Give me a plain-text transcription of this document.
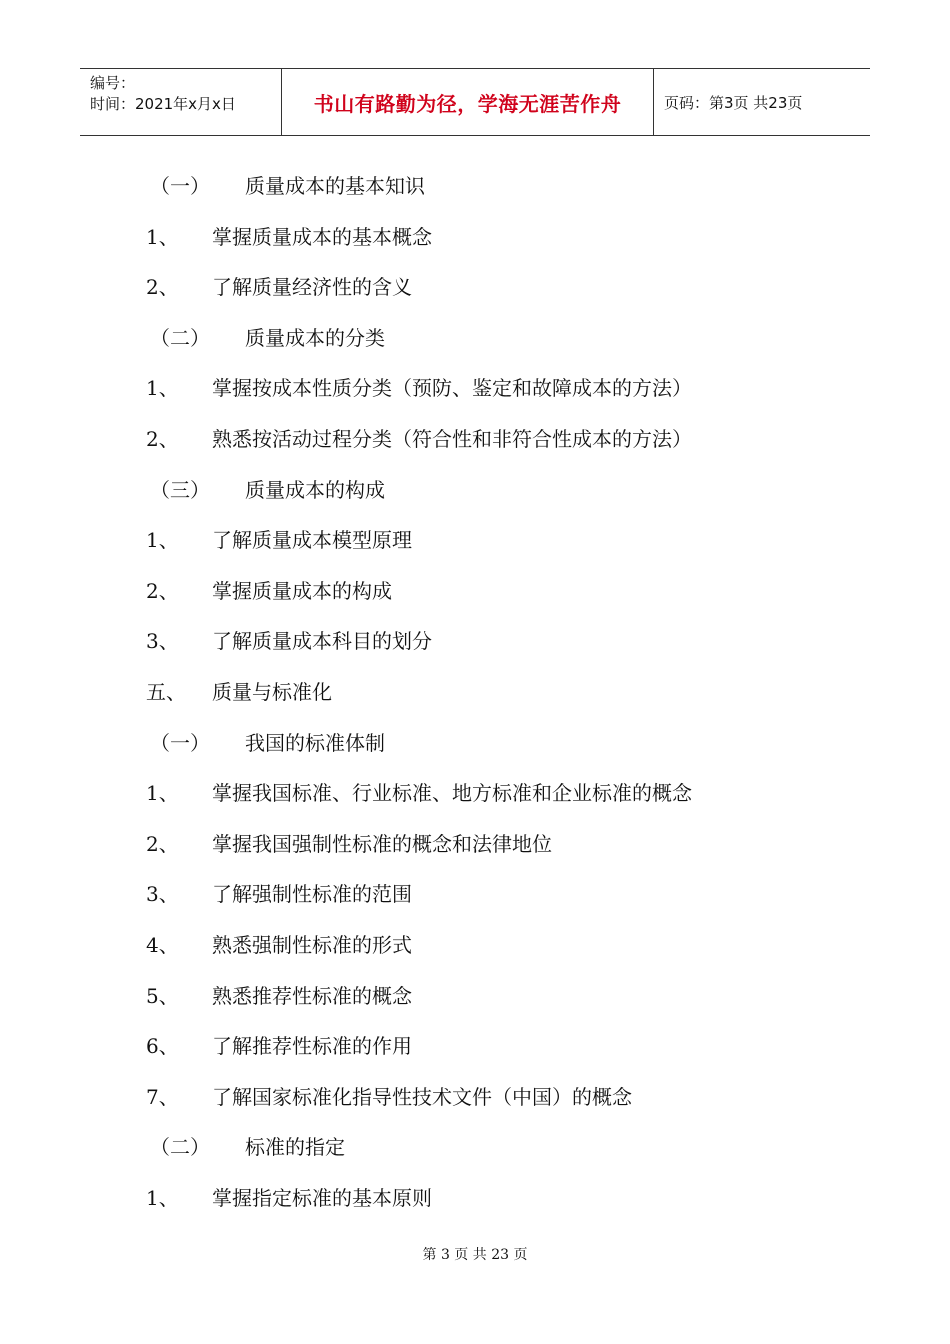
编号：
时间：2021年x月x日	书山有路勤为径，学海无涯苦作舟	页码：第3页 共23页
（一） 质量成本的基本知识
1、 掌握质量成本的基本概念
2、 了解质量经济性的含义
（二） 质量成本的分类
1、 掌握按成本性质分类（预防、鉴定和故障成本的方法）
2、 熟悉按活动过程分类（符合性和非符合性成本的方法）
（三） 质量成本的构成
1、 了解质量成本模型原理
2、 掌握质量成本的构成
3、 了解质量成本科目的划分
五、 质量与标准化
（一） 我国的标准体制
1、 掌握我国标准、行业标准、地方标准和企业标准的概念
2、 掌握我国强制性标准的概念和法律地位
3、 了解强制性标准的范围
4、 熟悉强制性标准的形式
5、 熟悉推荐性标准的概念
6、 了解推荐性标准的作用
7、 了解国家标准化指导性技术文件（中国）的概念
（二） 标准的指定
1、 掌握指定标准的基本原则
第 3 页 共 23 页
